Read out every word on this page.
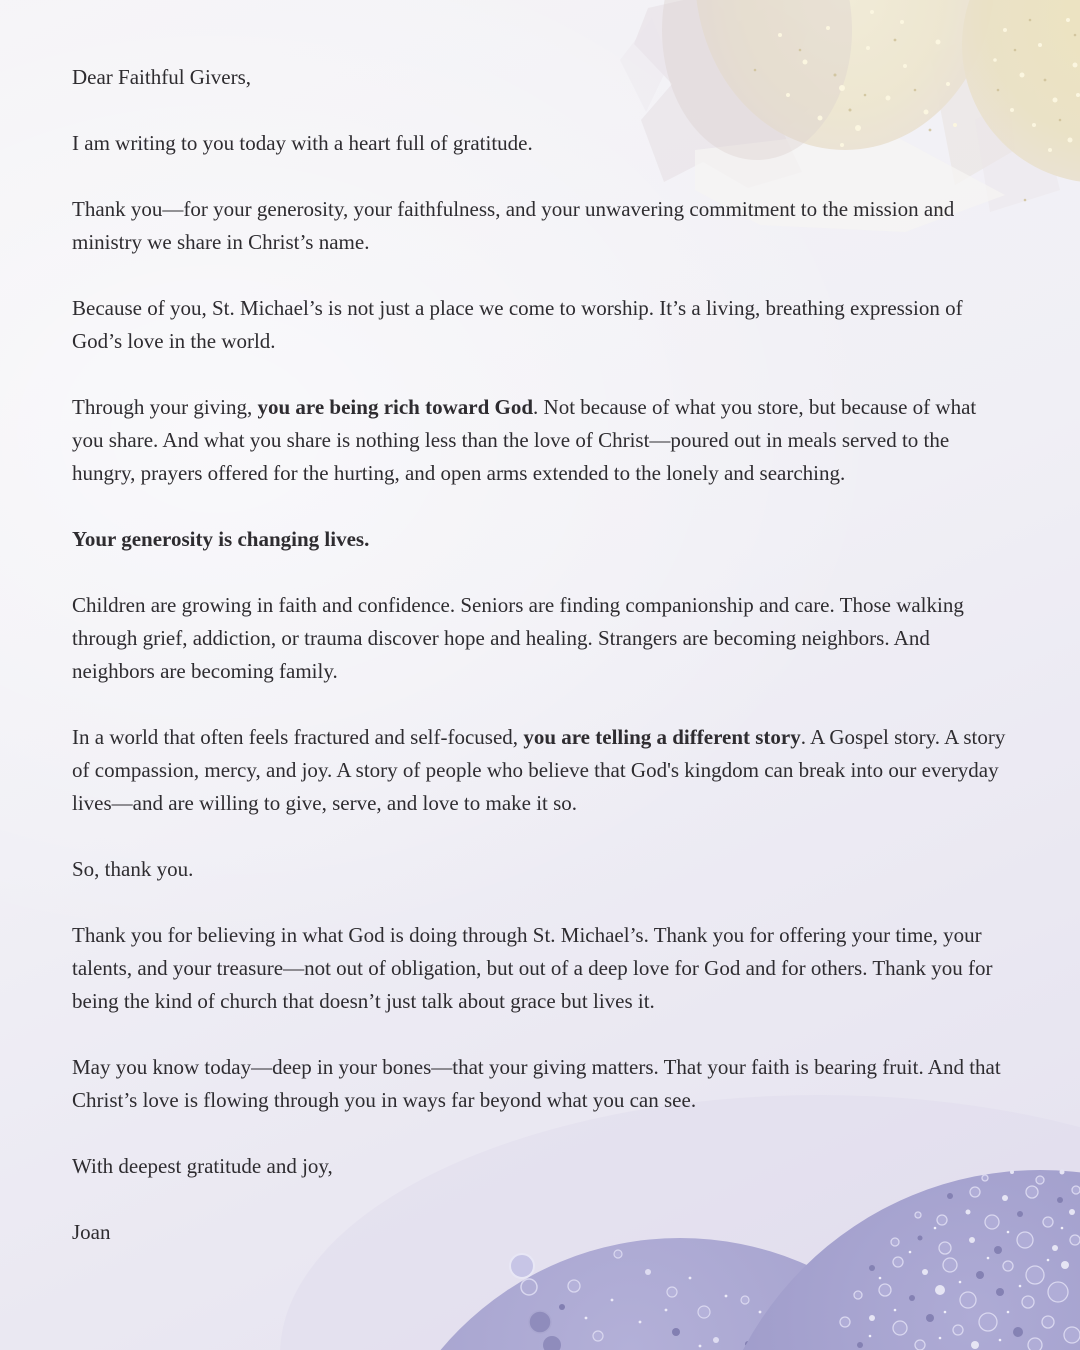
Dear Faithful Givers,

I am writing to you today with a heart full of gratitude.

Thank you—for your generosity, your faithfulness, and your unwavering commitment to the mission and ministry we share in Christ’s name.

Because of you, St. Michael’s is not just a place we come to worship. It’s a living, breathing expression of God’s love in the world.

Through your giving, you are being rich toward God. Not because of what you store, but because of what you share. And what you share is nothing less than the love of Christ—poured out in meals served to the hungry, prayers offered for the hurting, and open arms extended to the lonely and searching.

Your generosity is changing lives.

Children are growing in faith and confidence. Seniors are finding companionship and care. Those walking through grief, addiction, or trauma discover hope and healing. Strangers are becoming neighbors. And neighbors are becoming family.

In a world that often feels fractured and self-focused, you are telling a different story. A Gospel story. A story of compassion, mercy, and joy. A story of people who believe that God's kingdom can break into our everyday lives—and are willing to give, serve, and love to make it so.

So, thank you.

Thank you for believing in what God is doing through St. Michael’s. Thank you for offering your time, your talents, and your treasure—not out of obligation, but out of a deep love for God and for others. Thank you for being the kind of church that doesn’t just talk about grace but lives it.

May you know today—deep in your bones—that your giving matters. That your faith is bearing fruit. And that Christ’s love is flowing through you in ways far beyond what you can see.

With deepest gratitude and joy,

Joan
